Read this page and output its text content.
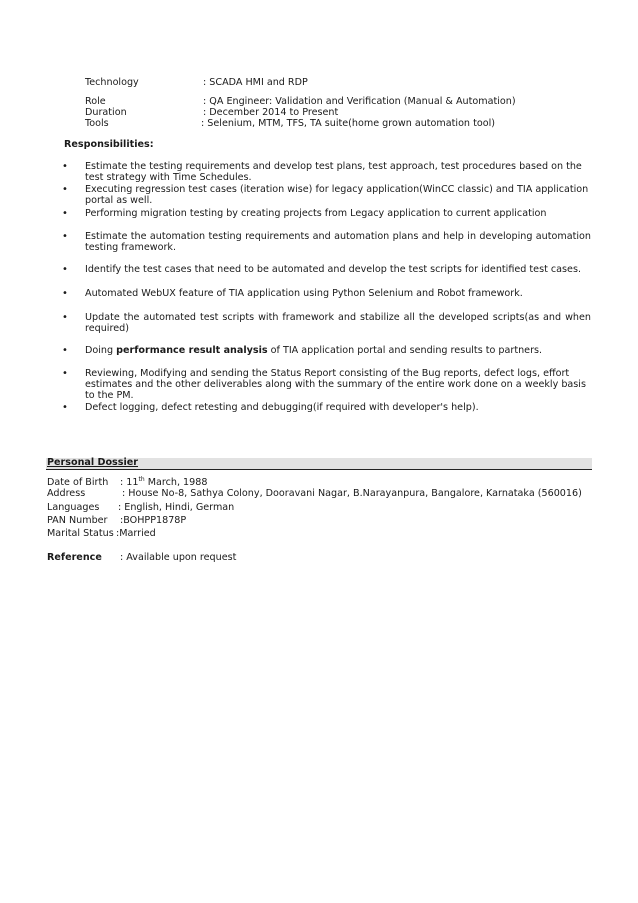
Technology	: SCADA HMI and RDP
Role	: QA Engineer: Validation and Verification (Manual & Automation)
Duration	: December 2014 to Present
Tools	: Selenium, MTM, TFS, TA suite(home grown automation tool)
Responsibilities:
• Estimate the testing requirements and develop test plans, test approach, test procedures based on the test strategy with Time Schedules.
• Executing regression test cases (iteration wise) for legacy application(WinCC classic) and TIA application portal as well.
• Performing migration testing by creating projects from Legacy application to current application
• Estimate the automation testing requirements and automation plans and help in developing automation testing framework.
• Identify the test cases that need to be automated and develop the test scripts for identified test cases.
• Automated WebUX feature of TIA application using Python Selenium and Robot framework.
• Update the automated test scripts with framework and stabilize all the developed scripts(as and when required)
• Doing performance result analysis of TIA application portal and sending results to partners.
• Reviewing, Modifying and sending the Status Report consisting of the Bug reports, defect logs, effort estimates and the other deliverables along with the summary of the entire work done on a weekly basis to the PM.
• Defect logging, defect retesting and debugging(if required with developer's help).
Personal Dossier
Date of Birth : 11th March, 1988
Address	: House No-8, Sathya Colony, Dooravani Nagar, B.Narayanpura, Bangalore, Karnataka (560016)
Languages : English, Hindi, German
PAN Number :BOHPP1878P
Marital Status :Married
Reference : Available upon request
